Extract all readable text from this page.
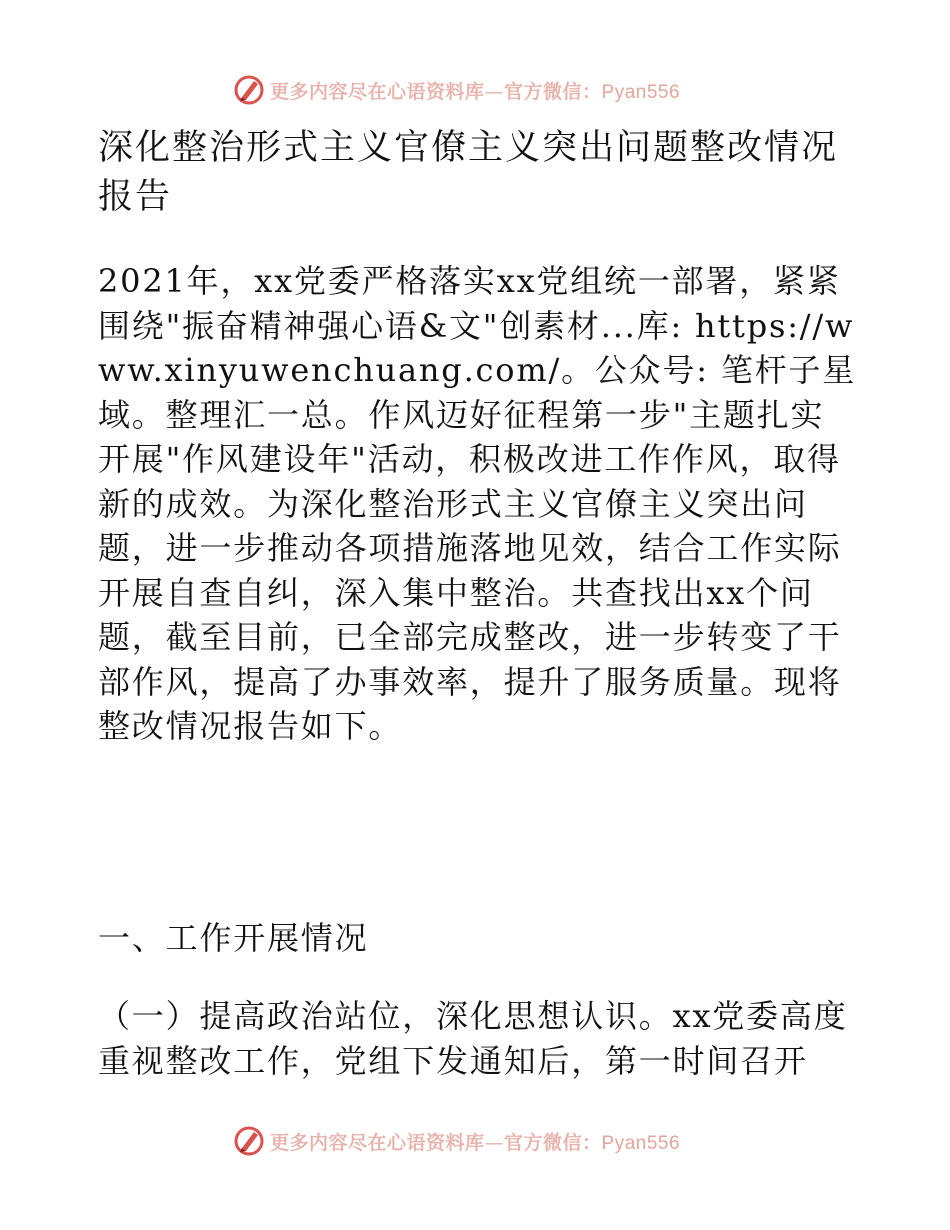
更多内容尽在心语资料库—官方微信：Pyan556
深化整治形式主义官僚主义突出问题整改情况报告

2021年，xx党委严格落实xx党组统一部署，紧紧围绕"振奋精神强心语&文"创素材...库: https://www.xinyuwenchuang.com/。公众号: 笔杆子星域。整理汇一总。作风迈好征程第一步"主题扎实开展"作风建设年"活动，积极改进工作作风，取得新的成效。为深化整治形式主义官僚主义突出问题，进一步推动各项措施落地见效，结合工作实际开展自查自纠，深入集中整治。共查找出xx个问题，截至目前，已全部完成整改，进一步转变了干部作风，提高了办事效率，提升了服务质量。现将整改情况报告如下。

一、工作开展情况

（一）提高政治站位，深化思想认识。xx党委高度重视整改工作，党组下发通知后，第一时间召开

更多内容尽在心语资料库—官方微信：Pyan556
